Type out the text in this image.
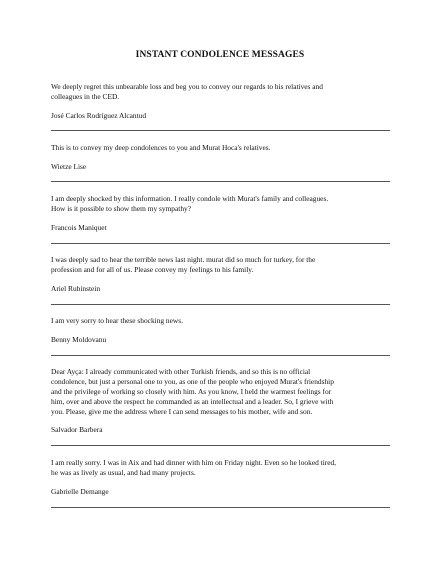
INSTANT CONDOLENCE MESSAGES
We deeply regret this unbearable loss and beg you to convey our regards to his relatives and
colleagues in the CED.
José Carlos Rodríguez Alcantud
This is to convey my deep condolences to you and Murat Hoca's relatives.
Wietze Lise
I am deeply shocked by this information. I really condole with Murat's family and colleagues.
How is it possible to show them my sympathy?
Francois Maniquet
I was deeply sad to hear the terrible news last night. murat did so much for turkey, for the
profession and for all of us. Please convey my feelings to his family.
Ariel Rubinstein
I am very sorry to hear these shocking news.
Benny Moldovanu
Dear Ayça: I already communicated with other Turkish friends, and so this is no official
condolence, but just a personal one to you, as one of the people who enjoyed Murat's friendship
and the privilege of working so closely with him. As you know, I held the warmest feelings for
him, over and above the respect he commanded as an intellectual and a leader. So, I grieve with
you. Please, give me the address where I can send messages to his mother, wife and son.
Salvador Barbera
I am really sorry. I was in Aix and had dinner with him on Friday night. Even so he looked tired,
he was as lively as usual, and had many projects.
Gabrielle Demange
